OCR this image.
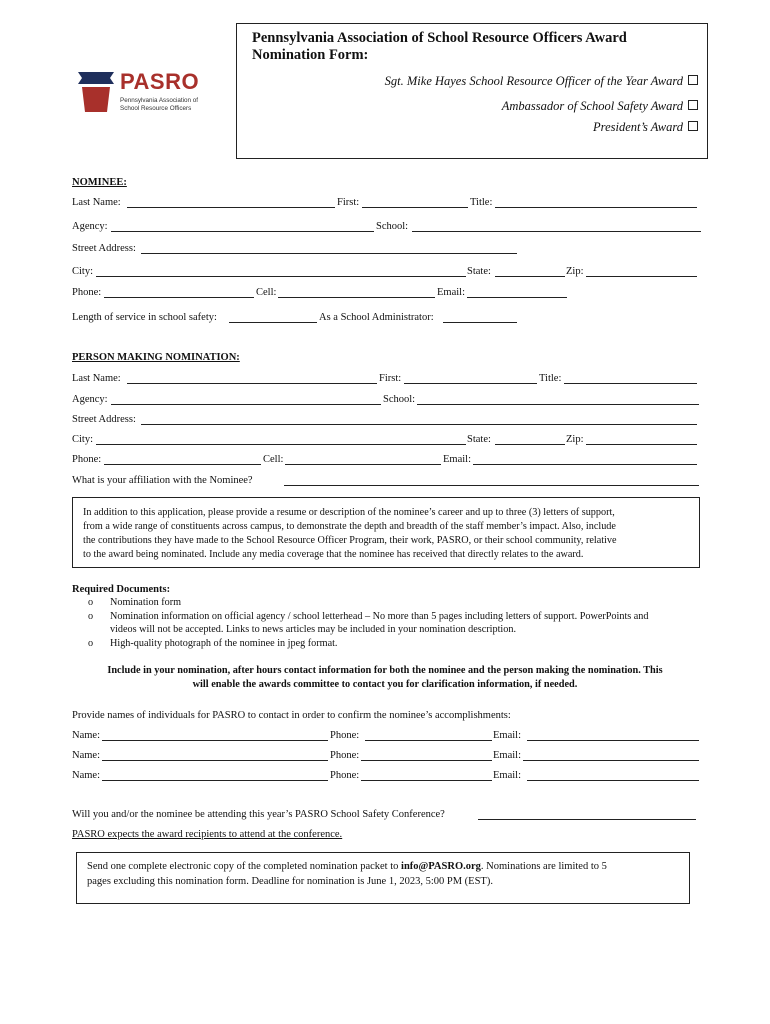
PASRO
Pennsylvania Association of
School Resource Officers
Pennsylvania Association of School Resource Officers Award
Nomination Form:
Sgt. Mike Hayes School Resource Officer of the Year Award
Ambassador of School Safety Award
President’s Award
NOMINEE:
Last Name:	First:	Title:
Agency:	School:
Street Address:
City:	State:	Zip:
Phone:	Cell:	Email:
Length of service in school safety:	As a School Administrator:
PERSON MAKING NOMINATION:
Last Name:	First:	Title:
Agency:	School:
Street Address:
City:	State:	Zip:
Phone:	Cell:	Email:
What is your affiliation with the Nominee?
In addition to this application, please provide a resume or description of the nominee’s career and up to three (3) letters of support,
from a wide range of constituents across campus, to demonstrate the depth and breadth of the staff member’s impact. Also, include
the contributions they have made to the School Resource Officer Program, their work, PASRO, or their school community, relative
to the award being nominated. Include any media coverage that the nominee has received that directly relates to the award.
Required Documents:
o Nomination form
o Nomination information on official agency / school letterhead – No more than 5 pages including letters of support. PowerPoints and
videos will not be accepted. Links to news articles may be included in your nomination description.
o High-quality photograph of the nominee in jpeg format.
Include in your nomination, after hours contact information for both the nominee and the person making the nomination. This
will enable the awards committee to contact you for clarification information, if needed.
Provide names of individuals for PASRO to contact in order to confirm the nominee’s accomplishments:
Name:	Phone:	Email:
Name:	Phone:	Email:
Name:	Phone:	Email:
Will you and/or the nominee be attending this year’s PASRO School Safety Conference?
PASRO expects the award recipients to attend at the conference.
Send one complete electronic copy of the completed nomination packet to info@PASRO.org. Nominations are limited to 5
pages excluding this nomination form. Deadline for nomination is June 1, 2023, 5:00 PM (EST).
